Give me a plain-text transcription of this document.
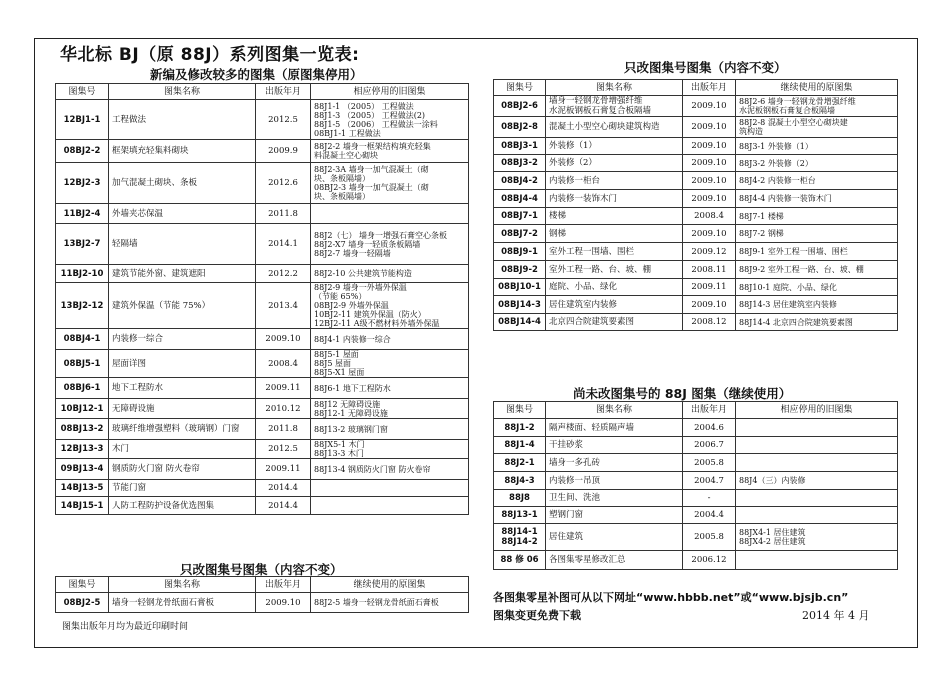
华北标 BJ（原 88J）系列图集一览表:
新编及修改较多的图集（原图集停用）
图集号	图集名称	出版年月	相应停用的旧图集
12BJ1-1	工程做法	2012.5	88J1-1 （2005） 工程做法
88J1-3 （2005） 工程做法(2)
88J1-5 （2006） 工程做法一涂料
08BJ1-1 工程做法
08BJ2-2	框架填充轻集料砌块	2009.9	88J2-2 墙身一框架结构填充轻集
料混凝土空心砌块
12BJ2-3	加气混凝土砌块、条板	2012.6	88J2-3A 墙身一加气混凝土（砌
块、条板隔墙）
08BJ2-3 墙身一加气混凝土（砌
块、条板隔墙）
11BJ2-4	外墙夹芯保温	2011.8	
13BJ2-7	轻隔墙	2014.1	88J2（七） 墙身一增强石膏空心条板
88J2-X7 墙身一轻质条板隔墙
88J2-7 墙身一轻隔墙
11BJ2-10	建筑节能外窗、建筑遮阳	2012.2	88J2-10 公共建筑节能构造
13BJ2-12	建筑外保温（节能 75%）	2013.4	88J2-9 墙身一外墙外保温
（节能 65%）
08BJ2-9 外墙外保温
10BJ2-11 建筑外保温（防火）
12BJ2-11 A级不燃材料外墙外保温
08BJ4-1	内装修一综合	2009.10	88J4-1 内装修一综合
08BJ5-1	屋面详图	2008.4	88J5-1 屋面
88J5 屋面
88J5-X1 屋面
08BJ6-1	地下工程防水	2009.11	88J6-1 地下工程防水
10BJ12-1	无障碍设施	2010.12	88J12 无障碍设施
88J12-1 无障碍设施
08BJ13-2	玻璃纤维增强塑料（玻璃钢）门窗	2011.8	88J13-2 玻璃钢门窗
12BJ13-3	木门	2012.5	88JX5-1 木门
88J13-3 木门
09BJ13-4	钢质防火门窗 防火卷帘	2009.11	88J13-4 钢质防火门窗 防火卷帘
14BJ13-5	节能门窗	2014.4	
14BJ15-1	人防工程防护设备优选图集	2014.4	
只改图集号图集（内容不变）
图集号	图集名称	出版年月	继续使用的原图集
08BJ2-5	墙身一轻钢龙骨纸面石膏板	2009.10	88J2-5 墙身一轻钢龙骨纸面石膏板
图集出版年月均为最近印刷时间
只改图集号图集（内容不变）
图集号	图集名称	出版年月	继续使用的原图集
08BJ2-6	墙身一轻钢龙骨增强纤维
水泥板钢板石膏复合板隔墙	2009.10	88J2-6 墙身一轻钢龙骨增强纤维
水泥板钢板石膏复合板隔墙
08BJ2-8	混凝土小型空心砌块建筑构造	2009.10	88J2-8 混凝土小型空心砌块建
筑构造
08BJ3-1	外装修（1）	2009.10	88J3-1 外装修（1）
08BJ3-2	外装修（2）	2009.10	88J3-2 外装修（2）
08BJ4-2	内装修一柜台	2009.10	88J4-2 内装修一柜台
08BJ4-4	内装修一装饰木门	2009.10	88J4-4 内装修一装饰木门
08BJ7-1	楼梯	2008.4	88J7-1 楼梯
08BJ7-2	钢梯	2009.10	88J7-2 钢梯
08BJ9-1	室外工程一围墙、围栏	2009.12	88J9-1 室外工程一围墙、围栏
08BJ9-2	室外工程一路、台、坡、棚	2008.11	88J9-2 室外工程一路、台、坡、棚
08BJ10-1	庭院、小品、绿化	2009.11	88J10-1 庭院、小品、绿化
08BJ14-3	居住建筑室内装修	2009.10	88J14-3 居住建筑室内装修
08BJ14-4	北京四合院建筑要素图	2008.12	88J14-4 北京四合院建筑要素图
尚未改图集号的 88J 图集（继续使用）
图集号	图集名称	出版年月	相应停用的旧图集
88J1-2	隔声楼面、轻质隔声墙	2004.6	
88J1-4	干挂砂浆	2006.7	
88J2-1	墙身一多孔砖	2005.8	
88J4-3	内装修一吊顶	2004.7	88J4（三）内装修
88J8	卫生间、洗池	-	
88J13-1	塑钢门窗	2004.4	
88J14-1
88J14-2	居住建筑	2005.8	88JX4-1 居住建筑
88JX4-2 居住建筑
88 修 06	各图集零星修改汇总	2006.12	
各图集零星补图可从以下网址“www.hbbb.net”或“www.bjsjb.cn”
图集变更免费下载	2014 年 4 月
